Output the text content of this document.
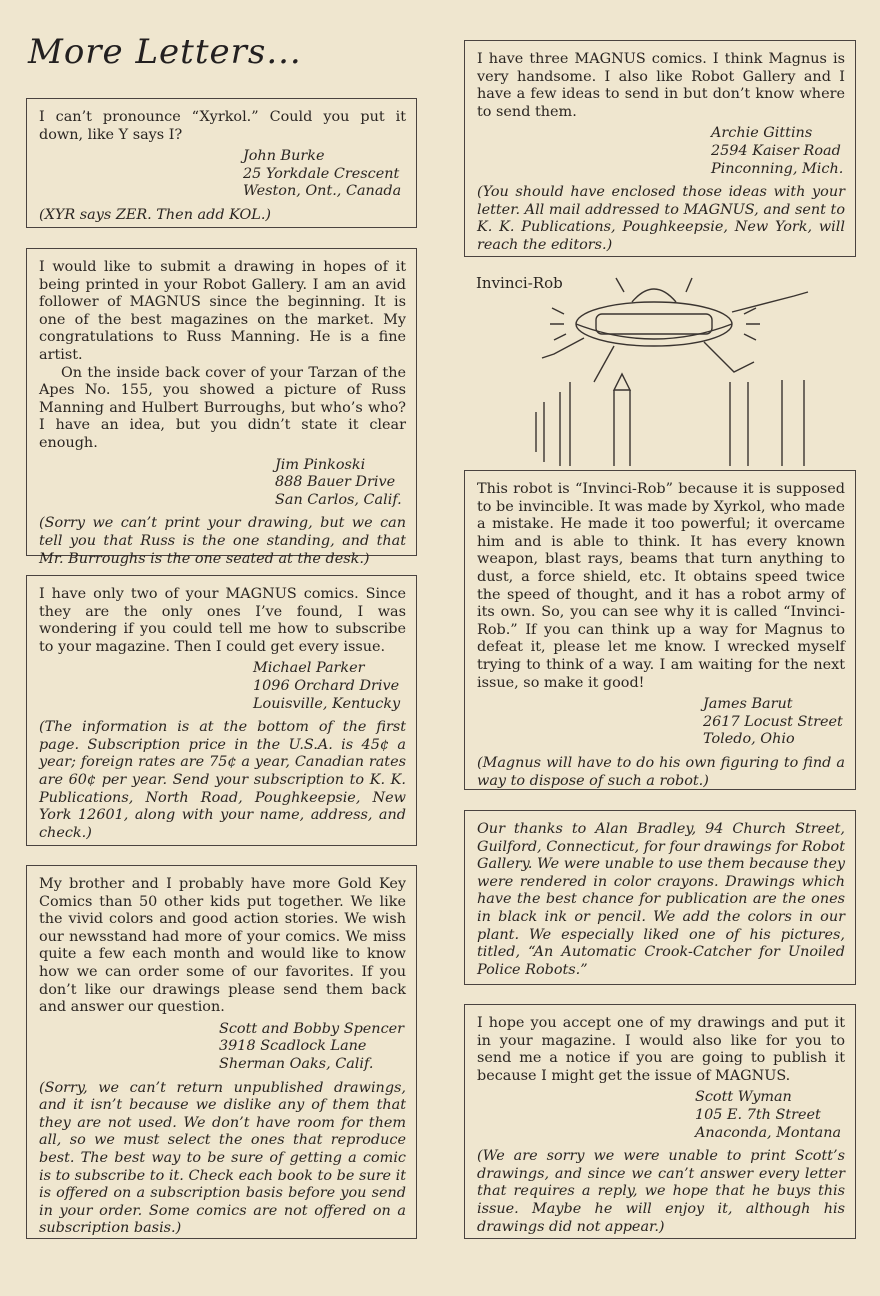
More Letters...

I can’t pronounce “Xyrkol.” Could you put it down, like Y says I?

John Burke
25 Yorkdale Crescent
Weston, Ont., Canada
(XYR says ZER. Then add KOL.)

I would like to submit a drawing in hopes of it being printed in your Robot Gallery. I am an avid follower of MAGNUS since the beginning. It is one of the best magazines on the market. My congratulations to Russ Manning. He is a fine artist.

On the inside back cover of your Tarzan of the Apes No. 155, you showed a picture of Russ Manning and Hulbert Burroughs, but who’s who? I have an idea, but you didn’t state it clear enough.

Jim Pinkoski
888 Bauer Drive
San Carlos, Calif.
(Sorry we can’t print your drawing, but we can tell you that Russ is the one standing, and that Mr. Burroughs is the one seated at the desk.)

I have only two of your MAGNUS comics. Since they are the only ones I’ve found, I was wondering if you could tell me how to subscribe to your magazine. Then I could get every issue.

Michael Parker
1096 Orchard Drive
Louisville, Kentucky
(The information is at the bottom of the first page. Subscription price in the U.S.A. is 45¢ a year; foreign rates are 75¢ a year, Canadian rates are 60¢ per year. Send your subscription to K. K. Publications, North Road, Poughkeepsie, New York 12601, along with your name, address, and check.)

My brother and I probably have more Gold Key Comics than 50 other kids put together. We like the vivid colors and good action stories. We wish our newsstand had more of your comics. We miss quite a few each month and would like to know how we can order some of our favorites. If you don’t like our drawings please send them back and answer our question.

Scott and Bobby Spencer
3918 Scadlock Lane
Sherman Oaks, Calif.
(Sorry, we can’t return unpublished drawings, and it isn’t because we dislike any of them that they are not used. We don’t have room for them all, so we must select the ones that reproduce best. The best way to be sure of getting a comic is to subscribe to it. Check each book to be sure it is offered on a subscription basis before you send in your order. Some comics are not offered on a subscription basis.)

I have three MAGNUS comics. I think Magnus is very handsome. I also like Robot Gallery and I have a few ideas to send in but don’t know where to send them.

Archie Gittins
2594 Kaiser Road
Pinconning, Mich.
(You should have enclosed those ideas with your letter. All mail addressed to MAGNUS, and sent to K. K. Publications, Poughkeepsie, New York, will reach the editors.)
Invinci-Rob

This robot is “Invinci-Rob” because it is supposed to be invincible. It was made by Xyrkol, who made a mistake. He made it too powerful; it overcame him and is able to think. It has every known weapon, blast rays, beams that turn anything to dust, a force shield, etc. It obtains speed twice the speed of thought, and it has a robot army of its own. So, you can see why it is called “Invinci-Rob.” If you can think up a way for Magnus to defeat it, please let me know. I wrecked myself trying to think of a way. I am waiting for the next issue, so make it good!

James Barut
2617 Locust Street
Toledo, Ohio
(Magnus will have to do his own figuring to find a way to dispose of such a robot.)
Our thanks to Alan Bradley, 94 Church Street, Guilford, Connecticut, for four drawings for Robot Gallery. We were unable to use them because they were rendered in color crayons. Drawings which have the best chance for publication are the ones in black ink or pencil. We add the colors in our plant. We especially liked one of his pictures, titled, “An Automatic Crook-Catcher for Unoiled Police Robots.”

I hope you accept one of my drawings and put it in your magazine. I would also like for you to send me a notice if you are going to publish it because I might get the issue of MAGNUS.

Scott Wyman
105 E. 7th Street
Anaconda, Montana
(We are sorry we were unable to print Scott’s drawings, and since we can’t answer every letter that requires a reply, we hope that he buys this issue. Maybe he will enjoy it, although his drawings did not appear.)
